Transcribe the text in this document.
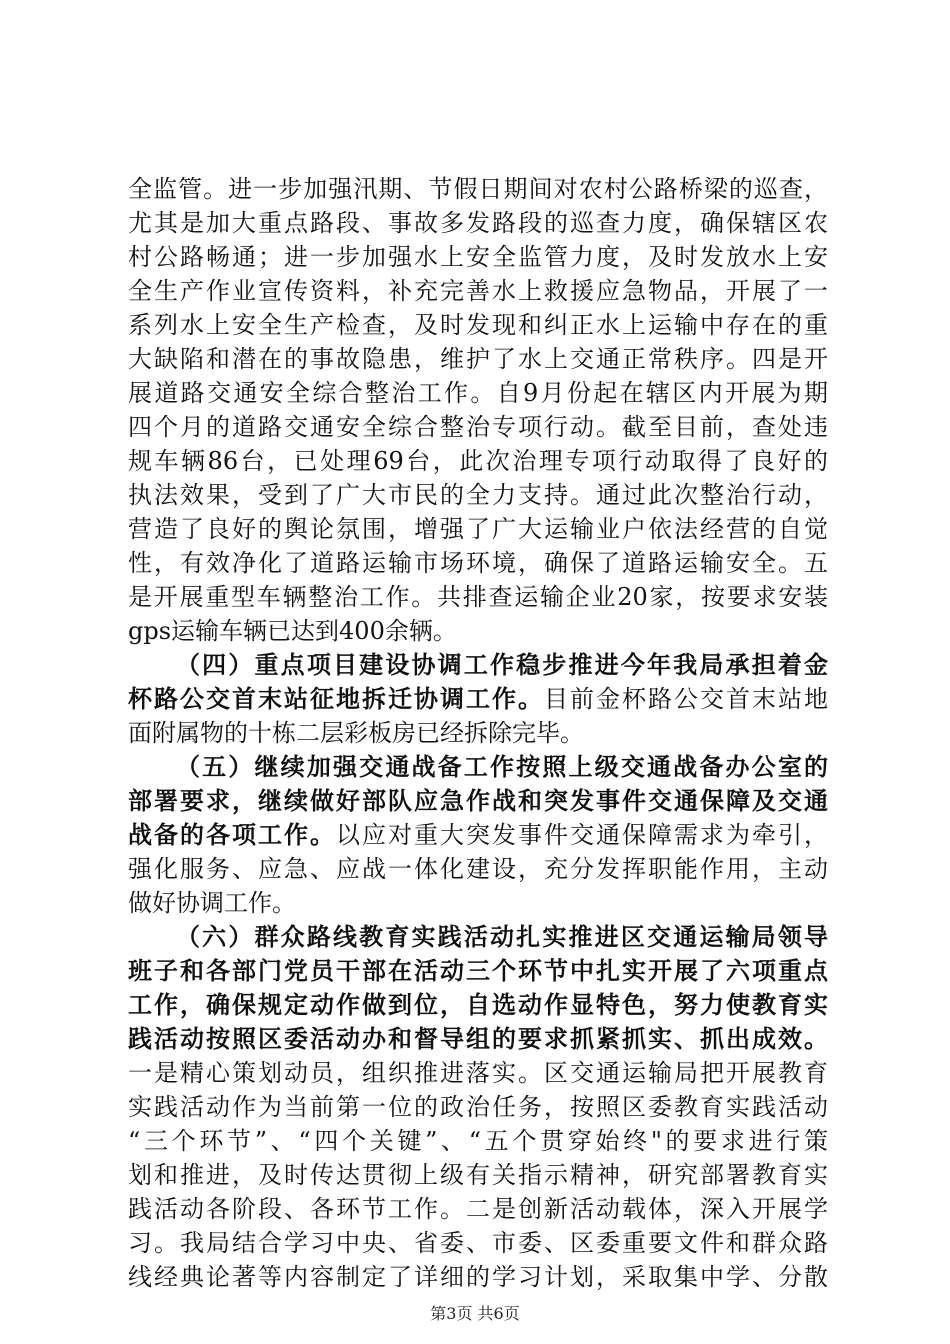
全监管。进一步加强汛期、节假日期间对农村公路桥梁的巡查，
尤其是加大重点路段、事故多发路段的巡查力度，确保辖区农
村公路畅通；进一步加强水上安全监管力度，及时发放水上安
全生产作业宣传资料，补充完善水上救援应急物品，开展了一
系列水上安全生产检查，及时发现和纠正水上运输中存在的重
大缺陷和潜在的事故隐患，维护了水上交通正常秩序。四是开
展道路交通安全综合整治工作。自9月份起在辖区内开展为期
四个月的道路交通安全综合整治专项行动。截至目前，查处违
规车辆86台，已处理69台，此次治理专项行动取得了良好的
执法效果，受到了广大市民的全力支持。通过此次整治行动，
营造了良好的舆论氛围，增强了广大运输业户依法经营的自觉
性，有效净化了道路运输市场环境，确保了道路运输安全。五
是开展重型车辆整治工作。共排查运输企业20家，按要求安装
gps运输车辆已达到400余辆。
（四）重点项目建设协调工作稳步推进今年我局承担着金
杯路公交首末站征地拆迁协调工作。目前金杯路公交首末站地
面附属物的十栋二层彩板房已经拆除完毕。
（五）继续加强交通战备工作按照上级交通战备办公室的
部署要求，继续做好部队应急作战和突发事件交通保障及交通
战备的各项工作。以应对重大突发事件交通保障需求为牵引，
强化服务、应急、应战一体化建设，充分发挥职能作用，主动
做好协调工作。
（六）群众路线教育实践活动扎实推进区交通运输局领导
班子和各部门党员干部在活动三个环节中扎实开展了六项重点
工作，确保规定动作做到位，自选动作显特色，努力使教育实
践活动按照区委活动办和督导组的要求抓紧抓实、抓出成效。
一是精心策划动员，组织推进落实。区交通运输局把开展教育
实践活动作为当前第一位的政治任务，按照区委教育实践活动
“三个环节”、“四个关键”、“五个贯穿始终"的要求进行策
划和推进，及时传达贯彻上级有关指示精神，研究部署教育实
践活动各阶段、各环节工作。二是创新活动载体，深入开展学
习。我局结合学习中央、省委、市委、区委重要文件和群众路
线经典论著等内容制定了详细的学习计划，采取集中学、分散
第3页 共6页
